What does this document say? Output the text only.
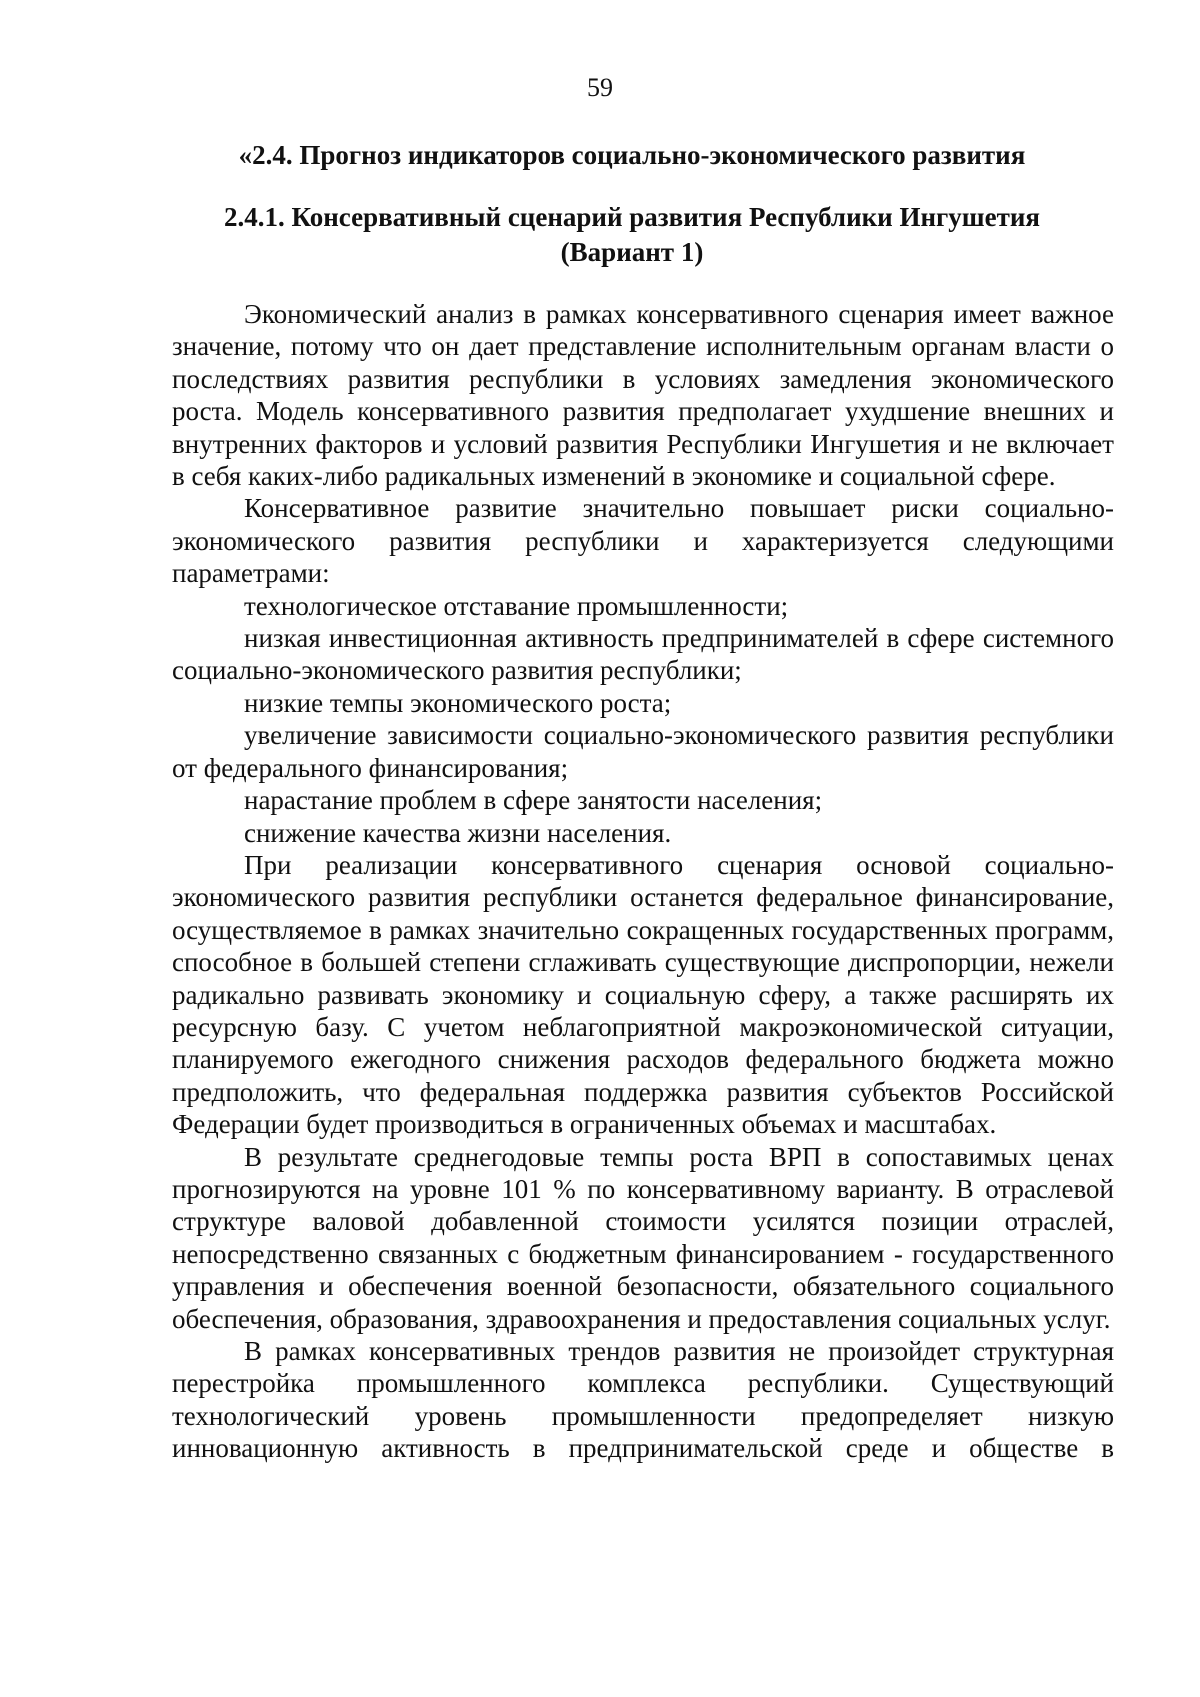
59
«2.4. Прогноз индикаторов социально-экономического развития
2.4.1. Консервативный сценарий развития Республики Ингушетия
(Вариант 1)

Экономический анализ в рамках консервативного сценария имеет важное значение, потому что он дает представление исполнительным органам власти о последствиях развития республики в условиях замедления экономического роста. Модель консервативного развития предполагает ухудшение внешних и внутренних факторов и условий развития Республики Ингушетия и не включает в себя каких-либо радикальных изменений в экономике и социальной сфере.

Консервативное развитие значительно повышает риски социально-экономического развития республики и характеризуется следующими параметрами:

технологическое отставание промышленности;

низкая инвестиционная активность предпринимателей в сфере системного социально-экономического развития республики;

низкие темпы экономического роста;

увеличение зависимости социально-экономического развития республики от федерального финансирования;

нарастание проблем в сфере занятости населения;

снижение качества жизни населения.

При реализации консервативного сценария основой социально-экономического развития республики останется федеральное финансирование, осуществляемое в рамках значительно сокращенных государственных программ, способное в большей степени сглаживать существующие диспропорции, нежели радикально развивать экономику и социальную сферу, а также расширять их ресурсную базу. С учетом неблагоприятной макроэкономической ситуации, планируемого ежегодного снижения расходов федерального бюджета можно предположить, что федеральная поддержка развития субъектов Российской Федерации будет производиться в ограниченных объемах и масштабах.

В результате среднегодовые темпы роста ВРП в сопоставимых ценах прогнозируются на уровне 101 % по консервативному варианту. В отраслевой структуре валовой добавленной стоимости усилятся позиции отраслей, непосредственно связанных с бюджетным финансированием - государственного управления и обеспечения военной безопасности, обязательного социального обеспечения, образования, здравоохранения и предоставления социальных услуг.

В рамках консервативных трендов развития не произойдет структурная перестройка промышленного комплекса республики. Существующий технологический уровень промышленности предопределяет низкую инновационную активность в предпринимательской среде и обществе в
